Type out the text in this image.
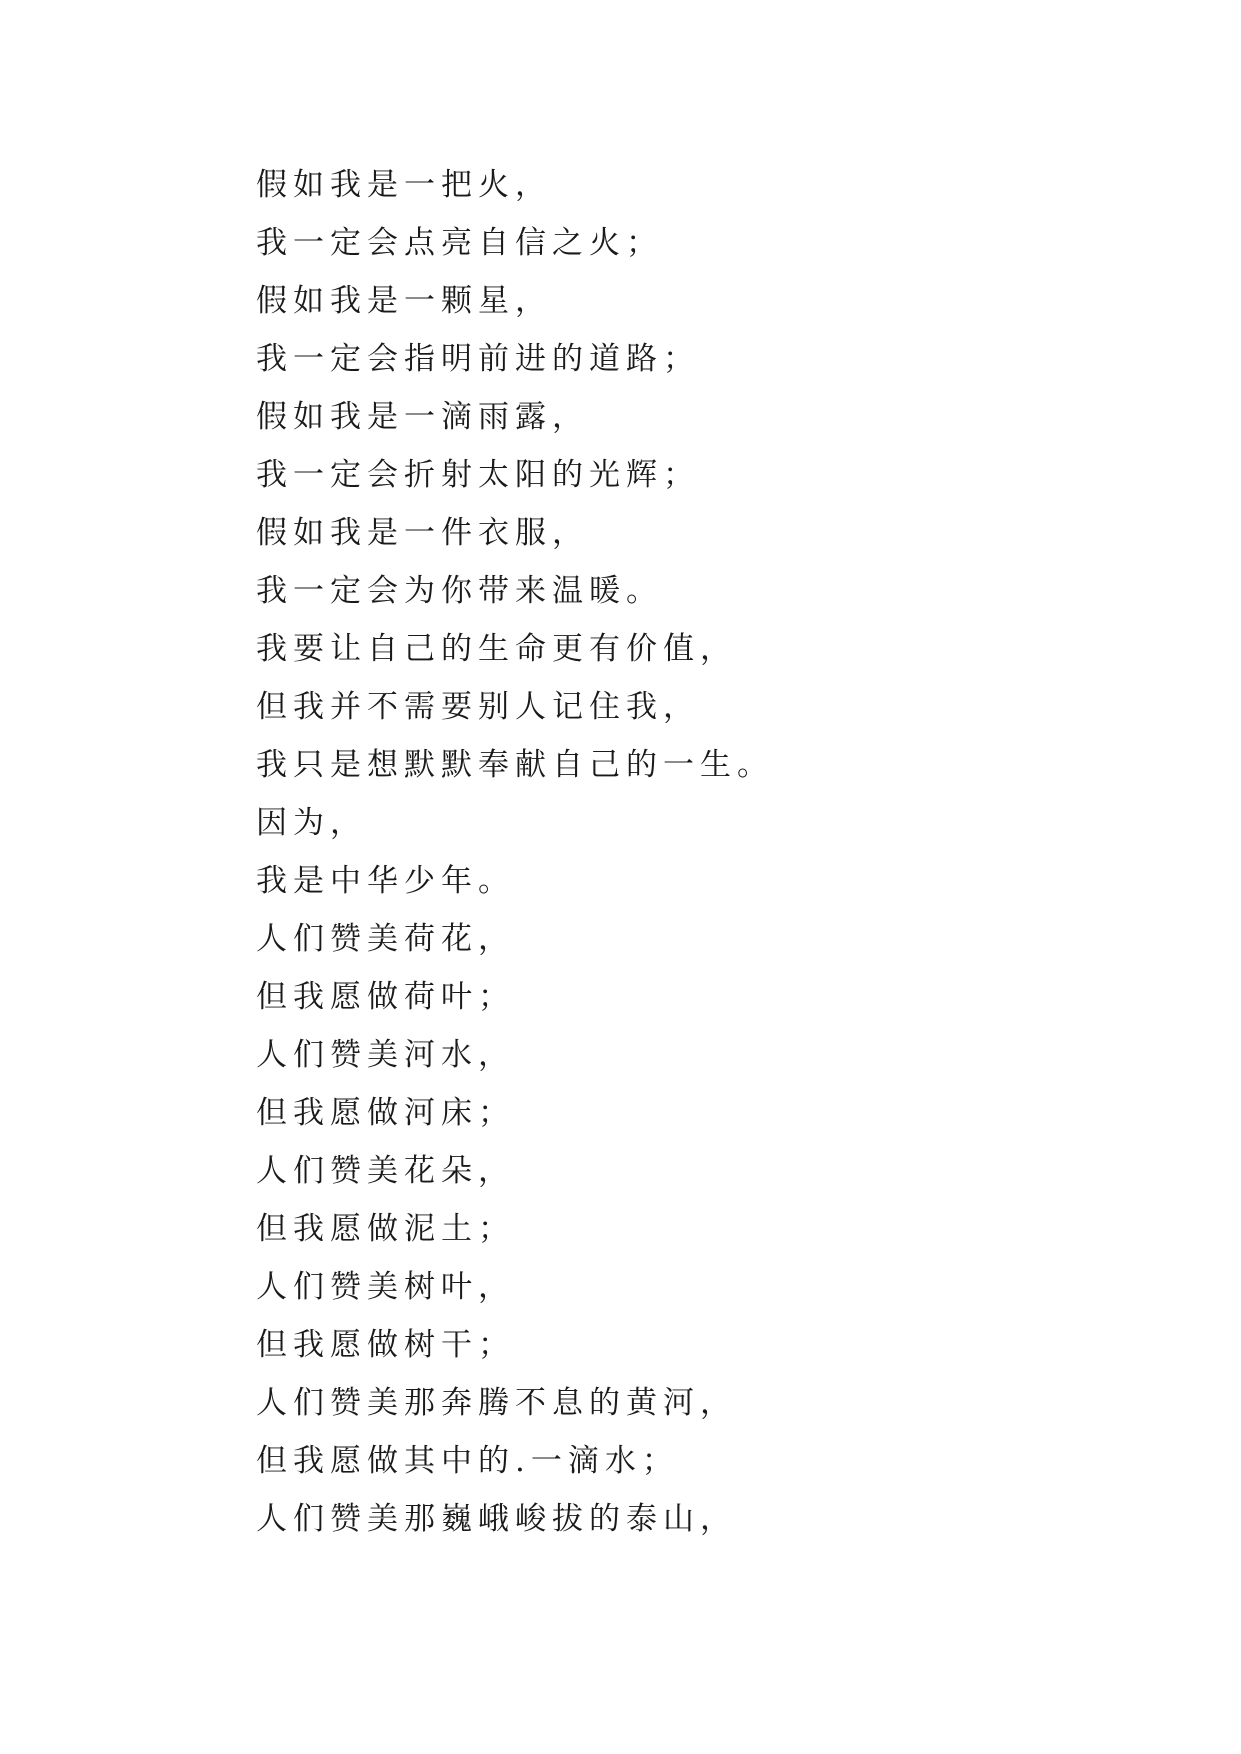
假如我是一把火，
我一定会点亮自信之火；
假如我是一颗星，
我一定会指明前进的道路；
假如我是一滴雨露，
我一定会折射太阳的光辉；
假如我是一件衣服，
我一定会为你带来温暖。
我要让自己的生命更有价值，
但我并不需要别人记住我，
我只是想默默奉献自己的一生。
因为，
我是中华少年。
人们赞美荷花，
但我愿做荷叶；
人们赞美河水，
但我愿做河床；
人们赞美花朵，
但我愿做泥土；
人们赞美树叶，
但我愿做树干；
人们赞美那奔腾不息的黄河，
但我愿做其中的.一滴水；
人们赞美那巍峨峻拔的泰山，
